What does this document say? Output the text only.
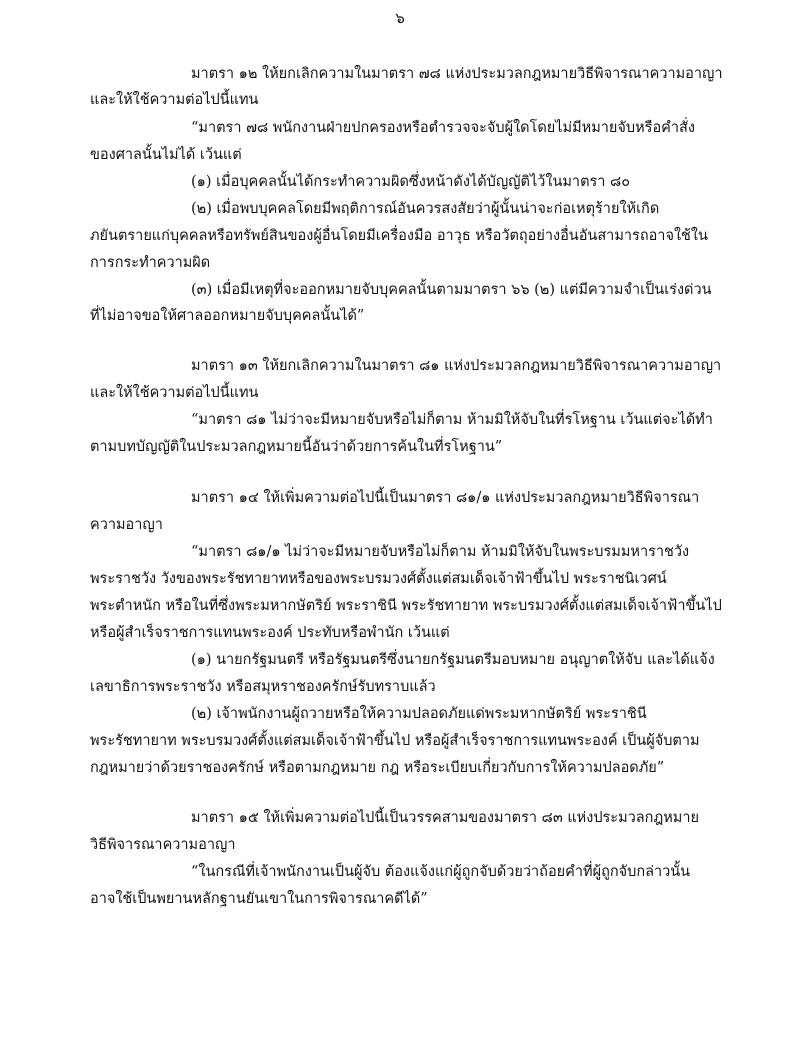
๖
มาตรา ๑๒ ให้ยกเลิกความในมาตรา ๗๘ แห่งประมวลกฎหมายวิธีพิจารณาความอาญา
และให้ใช้ความต่อไปนี้แทน
“มาตรา ๗๘ พนักงานฝ่ายปกครองหรือตำรวจจะจับผู้ใดโดยไม่มีหมายจับหรือคำสั่ง
ของศาลนั้นไม่ได้ เว้นแต่
(๑) เมื่อบุคคลนั้นได้กระทำความผิดซึ่งหน้าดังได้บัญญัติไว้ในมาตรา ๘๐
(๒) เมื่อพบบุคคลโดยมีพฤติการณ์อันควรสงสัยว่าผู้นั้นน่าจะก่อเหตุร้ายให้เกิด
ภยันตรายแก่บุคคลหรือทรัพย์สินของผู้อื่นโดยมีเครื่องมือ อาวุธ หรือวัตถุอย่างอื่นอันสามารถอาจใช้ใน
การกระทำความผิด
(๓) เมื่อมีเหตุที่จะออกหมายจับบุคคลนั้นตามมาตรา ๖๖ (๒) แต่มีความจำเป็นเร่งด่วน
ที่ไม่อาจขอให้ศาลออกหมายจับบุคคลนั้นได้”
มาตรา ๑๓ ให้ยกเลิกความในมาตรา ๘๑ แห่งประมวลกฎหมายวิธีพิจารณาความอาญา
และให้ใช้ความต่อไปนี้แทน
“มาตรา ๘๑ ไม่ว่าจะมีหมายจับหรือไม่ก็ตาม ห้ามมิให้จับในที่รโหฐาน เว้นแต่จะได้ทำ
ตามบทบัญญัติในประมวลกฎหมายนี้อันว่าด้วยการค้นในที่รโหฐาน”
มาตรา ๑๔ ให้เพิ่มความต่อไปนี้เป็นมาตรา ๘๑/๑ แห่งประมวลกฎหมายวิธีพิจารณา
ความอาญา
“มาตรา ๘๑/๑ ไม่ว่าจะมีหมายจับหรือไม่ก็ตาม ห้ามมิให้จับในพระบรมมหาราชวัง
พระราชวัง วังของพระรัชทายาทหรือของพระบรมวงศ์ตั้งแต่สมเด็จเจ้าฟ้าขึ้นไป พระราชนิเวศน์
พระตำหนัก หรือในที่ซึ่งพระมหากษัตริย์ พระราชินี พระรัชทายาท พระบรมวงศ์ตั้งแต่สมเด็จเจ้าฟ้าขึ้นไป
หรือผู้สำเร็จราชการแทนพระองค์ ประทับหรือพำนัก เว้นแต่
(๑) นายกรัฐมนตรี หรือรัฐมนตรีซึ่งนายกรัฐมนตรีมอบหมาย อนุญาตให้จับ และได้แจ้ง
เลขาธิการพระราชวัง หรือสมุหราชองครักษ์รับทราบแล้ว
(๒) เจ้าพนักงานผู้ถวายหรือให้ความปลอดภัยแด่พระมหากษัตริย์ พระราชินี
พระรัชทายาท พระบรมวงศ์ตั้งแต่สมเด็จเจ้าฟ้าขึ้นไป หรือผู้สำเร็จราชการแทนพระองค์ เป็นผู้จับตาม
กฎหมายว่าด้วยราชองครักษ์ หรือตามกฎหมาย กฎ หรือระเบียบเกี่ยวกับการให้ความปลอดภัย”
มาตรา ๑๕ ให้เพิ่มความต่อไปนี้เป็นวรรคสามของมาตรา ๘๓ แห่งประมวลกฎหมาย
วิธีพิจารณาความอาญา
“ในกรณีที่เจ้าพนักงานเป็นผู้จับ ต้องแจ้งแก่ผู้ถูกจับด้วยว่าถ้อยคำที่ผู้ถูกจับกล่าวนั้น
อาจใช้เป็นพยานหลักฐานยันเขาในการพิจารณาคดีได้”
